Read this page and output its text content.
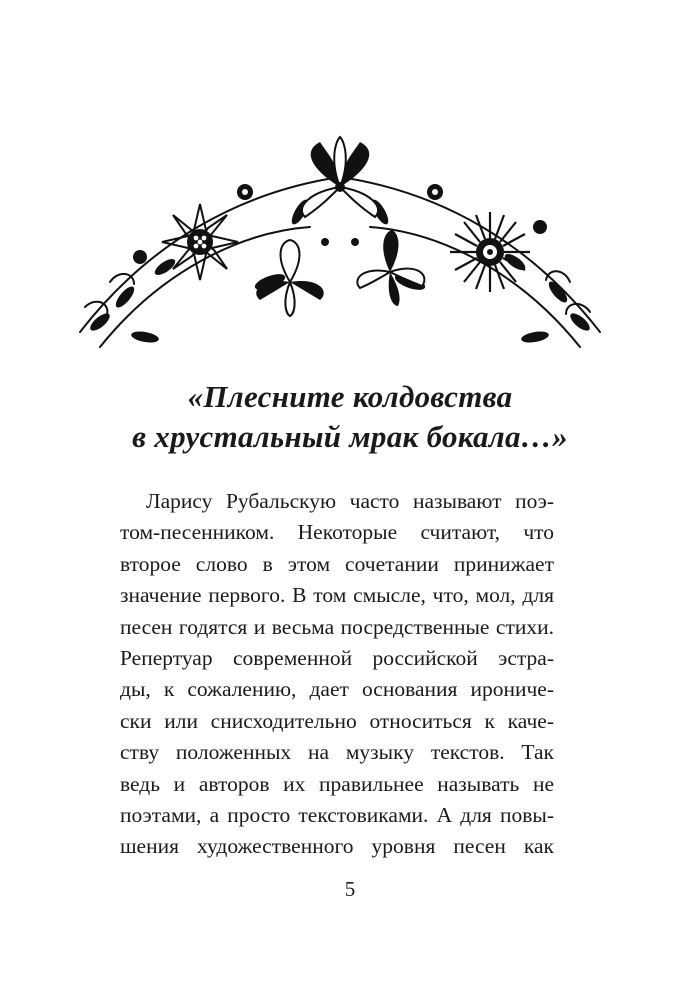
«Плесните колдовства
в хрустальный мрак бокала…»
Ларису Рубальскую часто называют поэ-
том-песенником. Некоторые считают, что
второе слово в этом сочетании принижает
значение первого. В том смысле, что, мол, для
песен годятся и весьма посредственные стихи.
Репертуар современной российской эстра-
ды, к сожалению, дает основания ирониче-
ски или снисходительно относиться к каче-
ству положенных на музыку текстов. Так
ведь и авторов их правильнее называть не
поэтами, а просто текстовиками. А для повы-
шения художественного уровня песен как
5
